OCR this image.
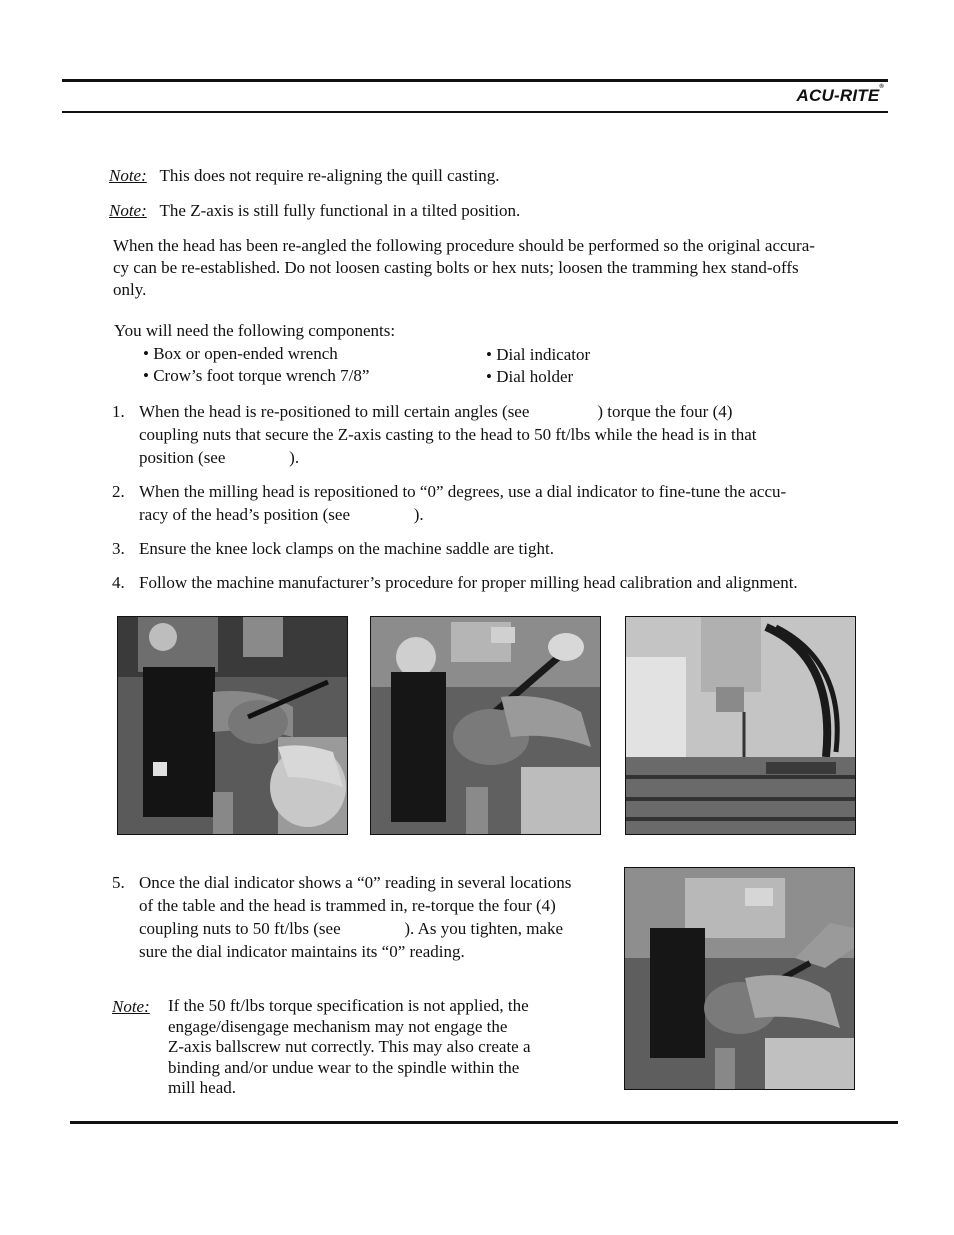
ACU-RITE®
Note: This does not require re-aligning the quill casting.
Note: The Z-axis is still fully functional in a tilted position.
When the head has been re-angled the following procedure should be performed so the original accura-
cy can be re-established. Do not loosen casting bolts or hex nuts; loosen the tramming hex stand-offs
only.
You will need the following components:
• Box or open-ended wrench
• Crow’s foot torque wrench 7/8”
• Dial indicator
• Dial holder
1. When the head is re-positioned to mill certain angles (see                ) torque the four (4)
coupling nuts that secure the Z-axis casting to the head to 50 ft/lbs while the head is in that
position (see               ).
2. When the milling head is repositioned to “0” degrees, use a dial indicator to fine-tune the accu-
racy of the head’s position (see               ).
3. Ensure the knee lock clamps on the machine saddle are tight.
4. Follow the machine manufacturer’s procedure for proper milling head calibration and alignment.
5. Once the dial indicator shows a “0” reading in several locations
of the table and the head is trammed in, re-torque the four (4)
coupling nuts to 50 ft/lbs (see               ). As you tighten, make
sure the dial indicator maintains its “0” reading.
Note: If the 50 ft/lbs torque specification is not applied, the
engage/disengage mechanism may not engage the
Z-axis ballscrew nut correctly. This may also create a
binding and/or undue wear to the spindle within the
mill head.
